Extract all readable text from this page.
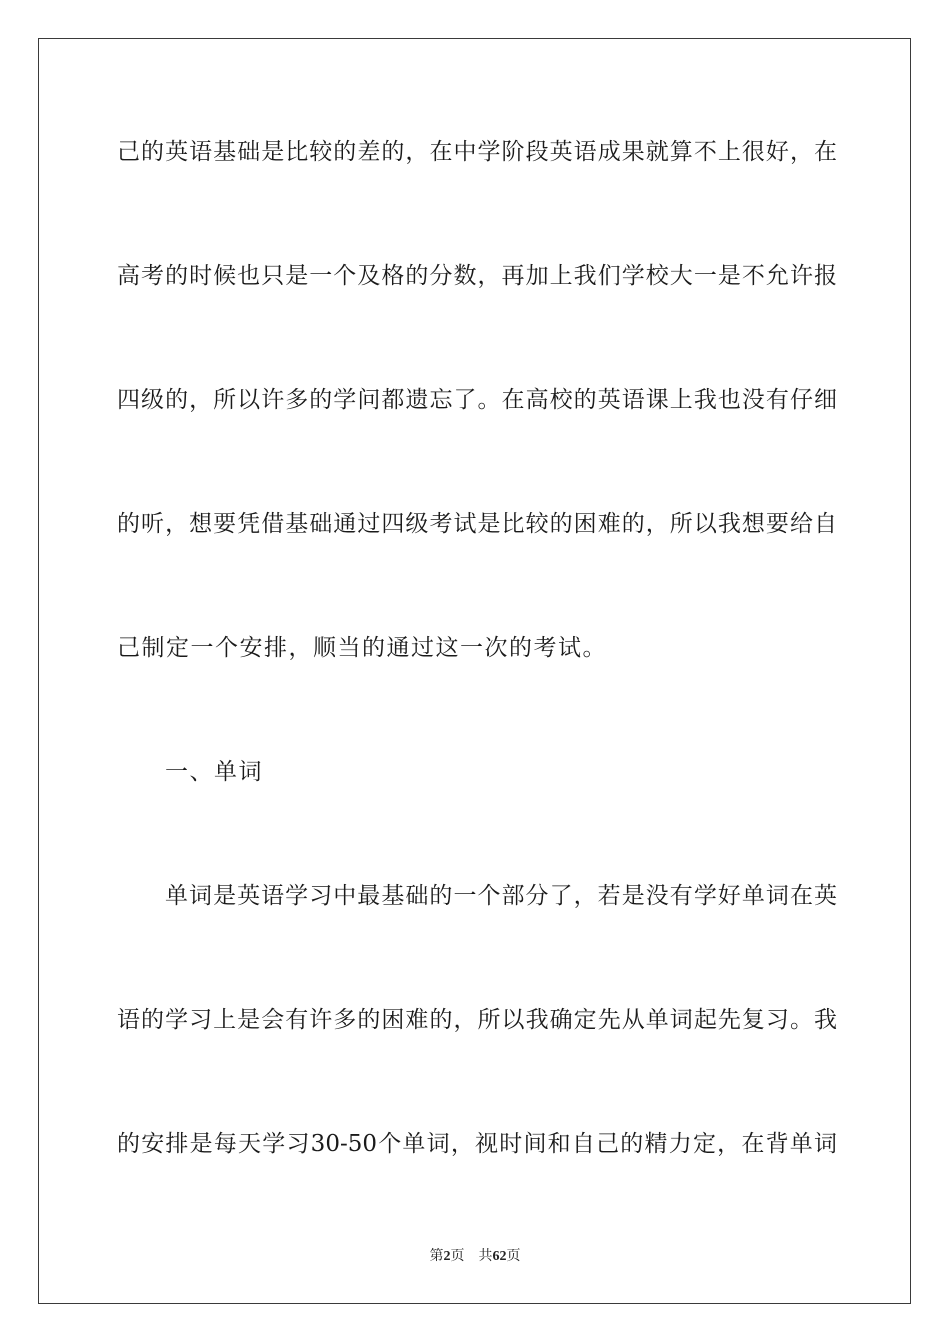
己的英语基础是比较的差的，在中学阶段英语成果就算不上很好，在
高考的时候也只是一个及格的分数，再加上我们学校大一是不允许报
四级的，所以许多的学问都遗忘了。在高校的英语课上我也没有仔细
的听，想要凭借基础通过四级考试是比较的困难的，所以我想要给自
己制定一个安排，顺当的通过这一次的考试。
一、单词
单词是英语学习中最基础的一个部分了，若是没有学好单词在英
语的学习上是会有许多的困难的，所以我确定先从单词起先复习。我
的安排是每天学习30-50个单词，视时间和自己的精力定，在背单词
第2页 共62页
